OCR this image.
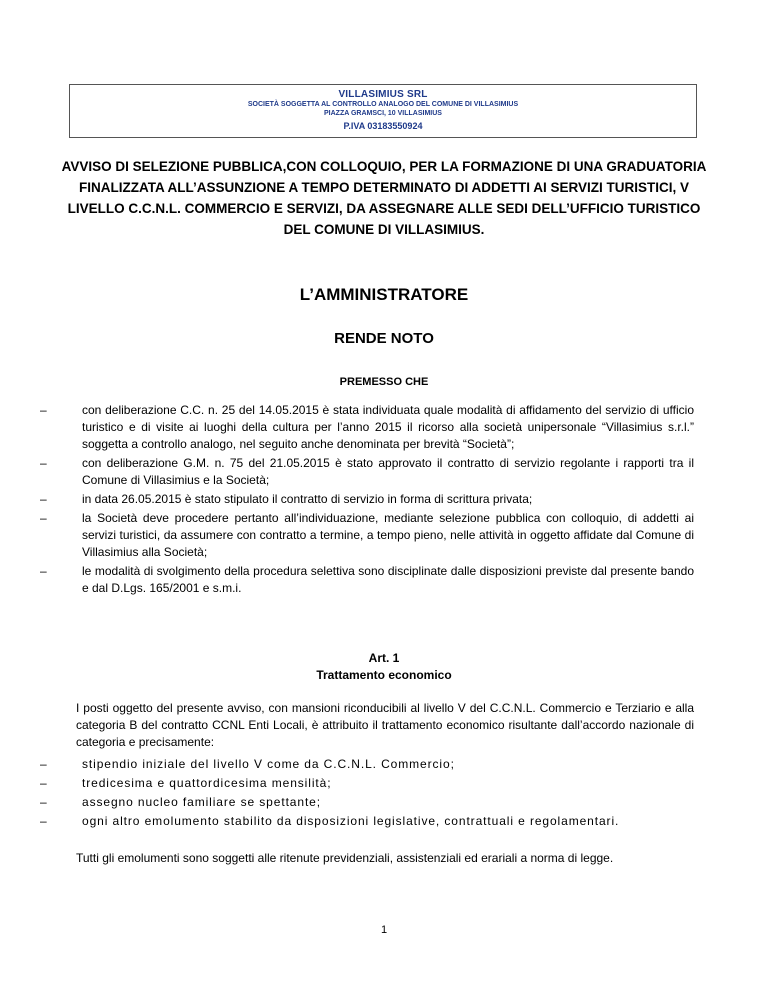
VILLASIMIUS SRL
SOCIETÀ SOGGETTA AL CONTROLLO ANALOGO DEL COMUNE DI VILLASIMIUS
PIAZZA GRAMSCI, 10 VILLASIMIUS
P.IVA 03183550924
AVVISO DI SELEZIONE PUBBLICA,CON COLLOQUIO, PER LA FORMAZIONE DI UNA GRADUATORIA FINALIZZATA ALL’ASSUNZIONE A TEMPO DETERMINATO DI ADDETTI AI SERVIZI TURISTICI, V LIVELLO C.C.N.L. COMMERCIO E SERVIZI, DA ASSEGNARE ALLE SEDI DELL’UFFICIO TURISTICO DEL COMUNE DI VILLASIMIUS.
L’AMMINISTRATORE
RENDE NOTO
PREMESSO CHE
–	con deliberazione C.C. n. 25 del 14.05.2015 è stata individuata quale modalità di affidamento del servizio di ufficio turistico e di visite ai luoghi della cultura per l’anno 2015 il ricorso alla società unipersonale “Villasimius s.r.l.” soggetta a controllo analogo, nel seguito anche denominata per brevità “Società”;
–	con deliberazione G.M. n. 75 del 21.05.2015 è stato approvato il contratto di servizio regolante i rapporti tra il Comune di Villasimius e la Società;
–	in data 26.05.2015 è stato stipulato il contratto di servizio in forma di scrittura privata;
–	la Società deve procedere pertanto all’individuazione, mediante selezione pubblica con colloquio, di addetti ai servizi turistici, da assumere con contratto a termine, a tempo pieno, nelle attività in oggetto affidate dal Comune di Villasimius alla Società;
–	le modalità di svolgimento della procedura selettiva sono disciplinate dalle disposizioni previste dal presente bando e dal D.Lgs. 165/2001 e s.m.i.
Art. 1
Trattamento economico
I posti oggetto del presente avviso, con mansioni riconducibili al livello V del C.C.N.L. Commercio e Terziario e alla categoria B del contratto CCNL Enti Locali, è attribuito il trattamento economico risultante dall’accordo nazionale di categoria e precisamente:
–	stipendio iniziale del livello V come da C.C.N.L. Commercio;
–	tredicesima e quattordicesima mensilità;
–	assegno nucleo familiare se spettante;
–	ogni altro emolumento stabilito da disposizioni legislative, contrattuali e regolamentari.
Tutti gli emolumenti sono soggetti alle ritenute previdenziali, assistenziali ed erariali a norma di legge.
1
